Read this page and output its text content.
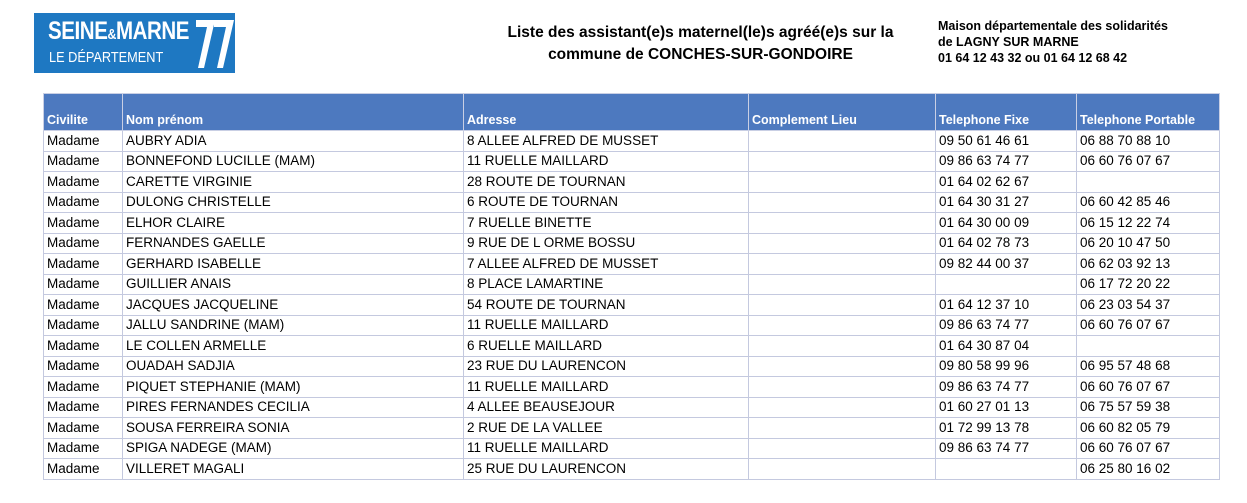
SEINE&MARNE
LE DÉPARTEMENT
Liste des assistant(e)s maternel(le)s agréé(e)s sur la
commune de CONCHES-SUR-GONDOIRE
Maison départementale des solidarités
de LAGNY SUR MARNE
01 64 12 43 32 ou 01 64 12 68 42
Civilite	Nom prénom	Adresse	Complement Lieu	Telephone Fixe	Telephone Portable
Madame	AUBRY ADIA	8 ALLEE ALFRED DE MUSSET		09 50 61 46 61	06 88 70 88 10
Madame	BONNEFOND LUCILLE (MAM)	11 RUELLE MAILLARD		09 86 63 74 77	06 60 76 07 67
Madame	CARETTE VIRGINIE	28 ROUTE DE TOURNAN		01 64 02 62 67	
Madame	DULONG CHRISTELLE	6 ROUTE DE TOURNAN		01 64 30 31 27	06 60 42 85 46
Madame	ELHOR CLAIRE	7 RUELLE BINETTE		01 64 30 00 09	06 15 12 22 74
Madame	FERNANDES GAELLE	9 RUE DE L ORME BOSSU		01 64 02 78 73	06 20 10 47 50
Madame	GERHARD ISABELLE	7 ALLEE ALFRED DE MUSSET		09 82 44 00 37	06 62 03 92 13
Madame	GUILLIER ANAIS	8 PLACE LAMARTINE			06 17 72 20 22
Madame	JACQUES JACQUELINE	54 ROUTE DE TOURNAN		01 64 12 37 10	06 23 03 54 37
Madame	JALLU SANDRINE (MAM)	11 RUELLE MAILLARD		09 86 63 74 77	06 60 76 07 67
Madame	LE COLLEN ARMELLE	6 RUELLE MAILLARD		01 64 30 87 04	
Madame	OUADAH SADJIA	23 RUE DU LAURENCON		09 80 58 99 96	06 95 57 48 68
Madame	PIQUET STEPHANIE (MAM)	11 RUELLE MAILLARD		09 86 63 74 77	06 60 76 07 67
Madame	PIRES FERNANDES CECILIA	4 ALLEE BEAUSEJOUR		01 60 27 01 13	06 75 57 59 38
Madame	SOUSA FERREIRA SONIA	2 RUE DE LA VALLEE		01 72 99 13 78	06 60 82 05 79
Madame	SPIGA NADEGE (MAM)	11 RUELLE MAILLARD		09 86 63 74 77	06 60 76 07 67
Madame	VILLERET MAGALI	25 RUE DU LAURENCON			06 25 80 16 02
